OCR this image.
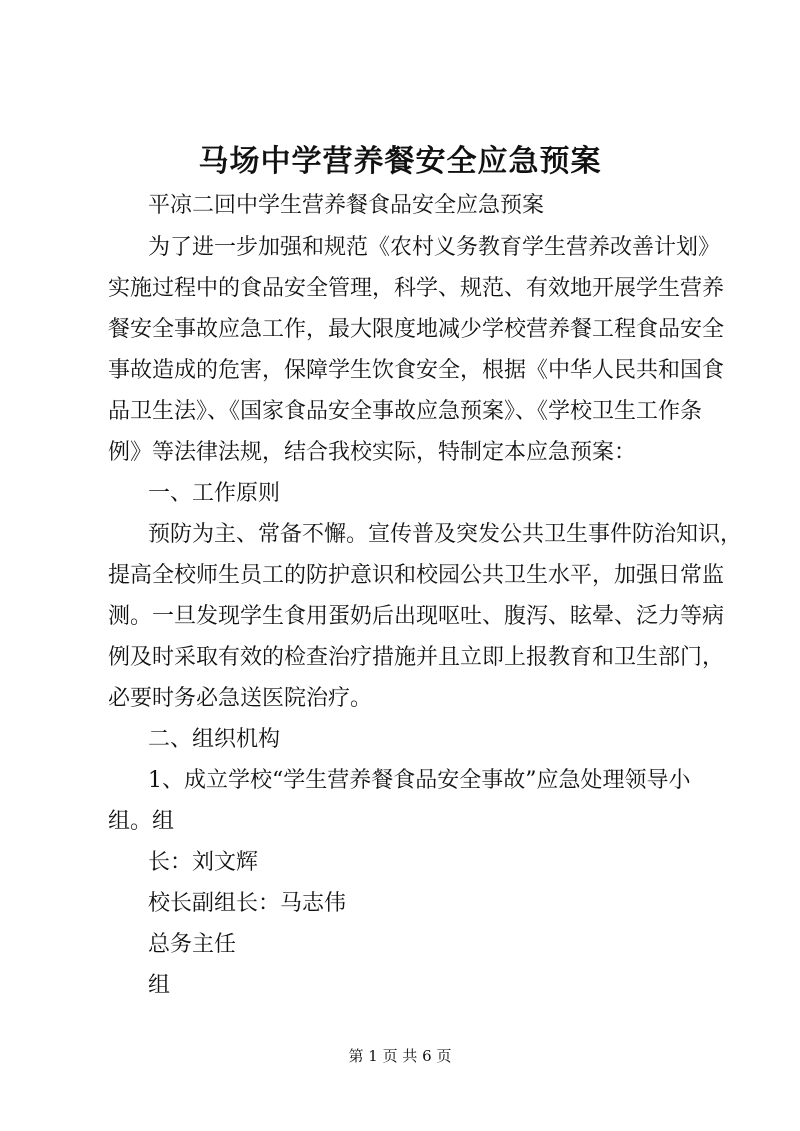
马场中学营养餐安全应急预案
平凉二回中学生营养餐食品安全应急预案
为了进一步加强和规范《农村义务教育学生营养改善计划》
实施过程中的食品安全管理，科学、规范、有效地开展学生营养
餐安全事故应急工作，最大限度地减少学校营养餐工程食品安全
事故造成的危害，保障学生饮食安全，根据《中华人民共和国食
品卫生法》、《国家食品安全事故应急预案》、《学校卫生工作条
例》等法律法规，结合我校实际，特制定本应急预案：
一、工作原则
预防为主、常备不懈。宣传普及突发公共卫生事件防治知识，
提高全校师生员工的防护意识和校园公共卫生水平，加强日常监
测。一旦发现学生食用蛋奶后出现呕吐、腹泻、眩晕、泛力等病
例及时采取有效的检查治疗措施并且立即上报教育和卫生部门，
必要时务必急送医院治疗。
二、组织机构
1、成立学校“学生营养餐食品安全事故”应急处理领导小
组。组
长：刘文辉
校长副组长：马志伟
总务主任
组
第 1 页 共 6 页
